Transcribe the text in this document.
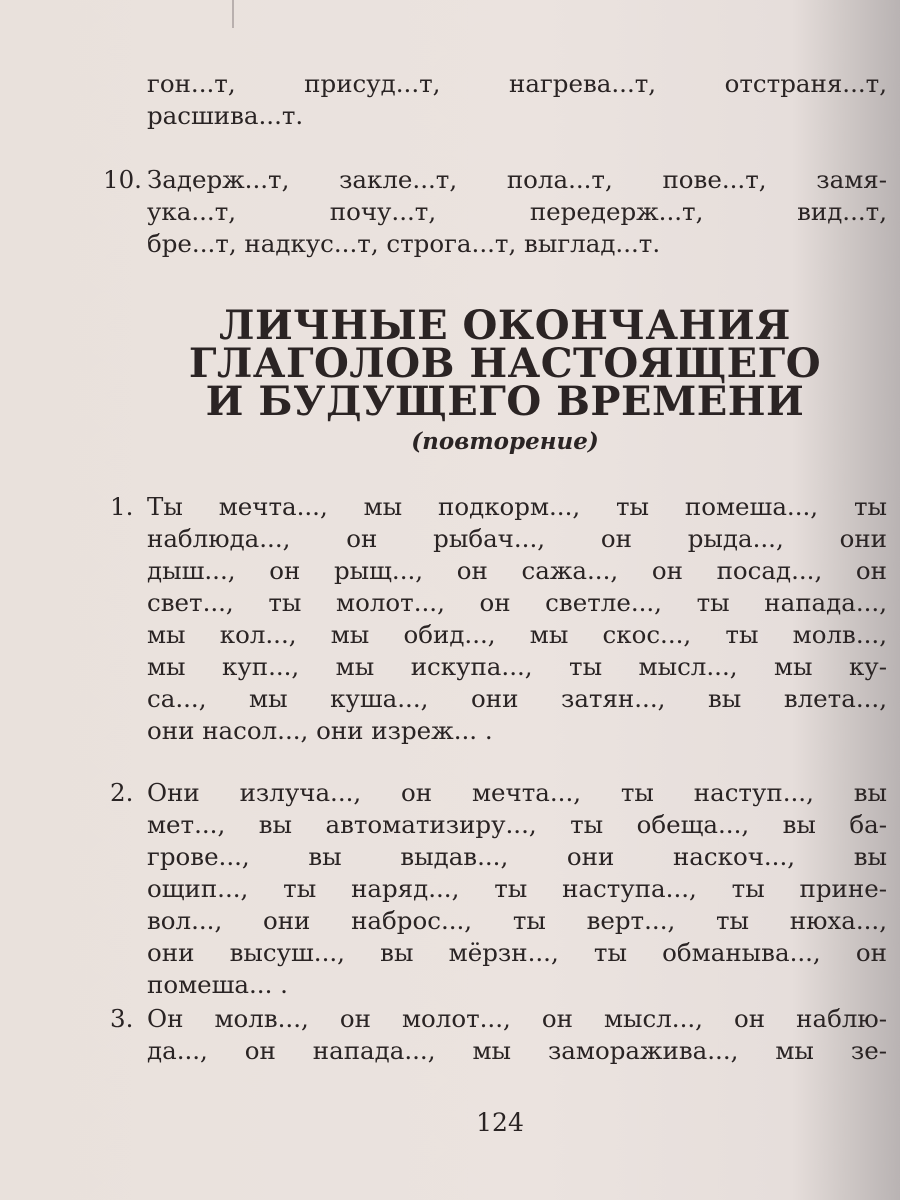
гон...т, присуд...т, нагрева...т, отстраня...т,
расшива...т.
10. Задерж...т, закле...т, пола...т, пове...т, замя-
ука...т, почу...т, передерж...т, вид...т,
бре...т, надкус...т, строга...т, выглад...т.
ЛИЧНЫЕ ОКОНЧАНИЯ
ГЛАГОЛОВ НАСТОЯЩЕГО
И БУДУЩЕГО ВРЕМЕНИ
(повторение)
1. Ты мечта..., мы подкорм..., ты помеша..., ты
наблюда..., он рыбач..., он рыда..., они
дыш..., он рыщ..., он сажа..., он посад..., он
свет..., ты молот..., он светле..., ты напада...,
мы кол..., мы обид..., мы скос..., ты молв...,
мы куп..., мы искупа..., ты мысл..., мы ку-
са..., мы куша..., они затян..., вы влета...,
они насол..., они изреж... .
2. Они излуча..., он мечта..., ты наступ..., вы
мет..., вы автоматизиру..., ты обеща..., вы ба-
грове..., вы выдав..., они наскоч..., вы
ощип..., ты наряд..., ты наступа..., ты прине-
вол..., они наброс..., ты верт..., ты нюха...,
они высуш..., вы мёрзн..., ты обманыва..., он
помеша... .
3. Он молв..., он молот..., он мысл..., он наблю-
да..., он напада..., мы заморажива..., мы зе-
124
